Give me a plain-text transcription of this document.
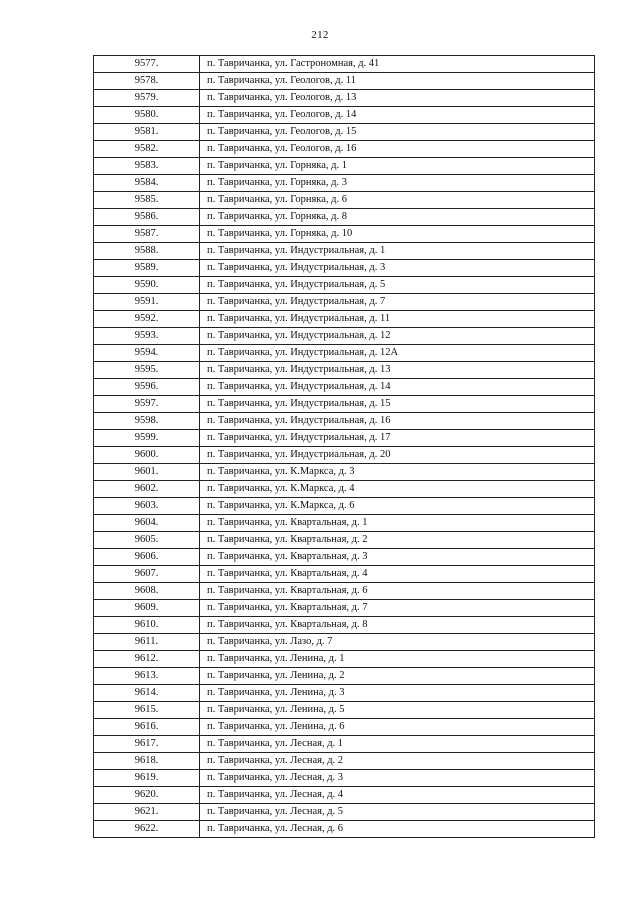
212
9577.	п. Тавричанка, ул. Гастрономная, д. 41
9578.	п. Тавричанка, ул. Геологов, д. 11
9579.	п. Тавричанка, ул. Геологов, д. 13
9580.	п. Тавричанка, ул. Геологов, д. 14
9581.	п. Тавричанка, ул. Геологов, д. 15
9582.	п. Тавричанка, ул. Геологов, д. 16
9583.	п. Тавричанка, ул. Горняка, д. 1
9584.	п. Тавричанка, ул. Горняка, д. 3
9585.	п. Тавричанка, ул. Горняка, д. 6
9586.	п. Тавричанка, ул. Горняка, д. 8
9587.	п. Тавричанка, ул. Горняка, д. 10
9588.	п. Тавричанка, ул. Индустриальная, д. 1
9589.	п. Тавричанка, ул. Индустриальная, д. 3
9590.	п. Тавричанка, ул. Индустриальная, д. 5
9591.	п. Тавричанка, ул. Индустриальная, д. 7
9592.	п. Тавричанка, ул. Индустриальная, д. 11
9593.	п. Тавричанка, ул. Индустриальная, д. 12
9594.	п. Тавричанка, ул. Индустриальная, д. 12А
9595.	п. Тавричанка, ул. Индустриальная, д. 13
9596.	п. Тавричанка, ул. Индустриальная, д. 14
9597.	п. Тавричанка, ул. Индустриальная, д. 15
9598.	п. Тавричанка, ул. Индустриальная, д. 16
9599.	п. Тавричанка, ул. Индустриальная, д. 17
9600.	п. Тавричанка, ул. Индустриальная, д. 20
9601.	п. Тавричанка, ул. К.Маркса, д. 3
9602.	п. Тавричанка, ул. К.Маркса, д. 4
9603.	п. Тавричанка, ул. К.Маркса, д. 6
9604.	п. Тавричанка, ул. Квартальная, д. 1
9605.	п. Тавричанка, ул. Квартальная, д. 2
9606.	п. Тавричанка, ул. Квартальная, д. 3
9607.	п. Тавричанка, ул. Квартальная, д. 4
9608.	п. Тавричанка, ул. Квартальная, д. 6
9609.	п. Тавричанка, ул. Квартальная, д. 7
9610.	п. Тавричанка, ул. Квартальная, д. 8
9611.	п. Тавричанка, ул. Лазо, д. 7
9612.	п. Тавричанка, ул. Ленина, д. 1
9613.	п. Тавричанка, ул. Ленина, д. 2
9614.	п. Тавричанка, ул. Ленина, д. 3
9615.	п. Тавричанка, ул. Ленина, д. 5
9616.	п. Тавричанка, ул. Ленина, д. 6
9617.	п. Тавричанка, ул. Лесная, д. 1
9618.	п. Тавричанка, ул. Лесная, д. 2
9619.	п. Тавричанка, ул. Лесная, д. 3
9620.	п. Тавричанка, ул. Лесная, д. 4
9621.	п. Тавричанка, ул. Лесная, д. 5
9622.	п. Тавричанка, ул. Лесная, д. 6
